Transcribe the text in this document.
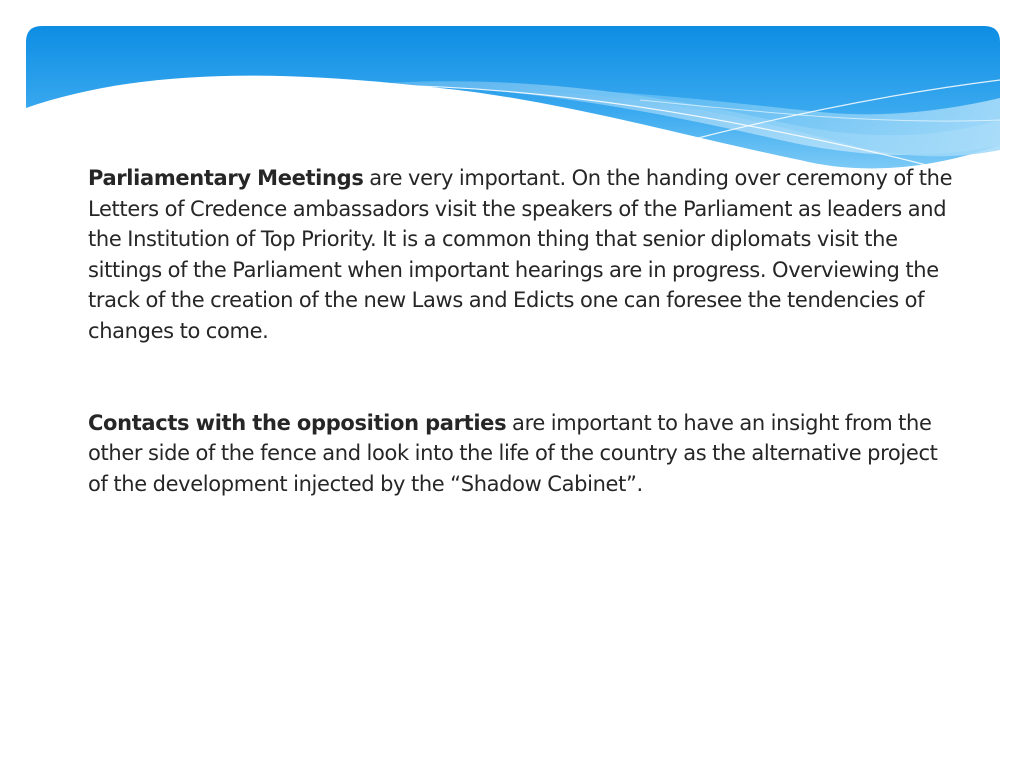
Parliamentary Meetings are very important. On the handing over ceremony of the Letters of Credence ambassadors visit the speakers of the Parliament as leaders and the Institution of Top Priority. It is a common thing that senior diplomats visit the sittings of the Parliament when important hearings are in progress. Overviewing the track of the creation of the new Laws and Edicts one can foresee the tendencies of changes to come.

Contacts with the opposition parties are important to have an insight from the other side of the fence and look into the life of the country as the alternative project of the development injected by the “Shadow Cabinet”.
